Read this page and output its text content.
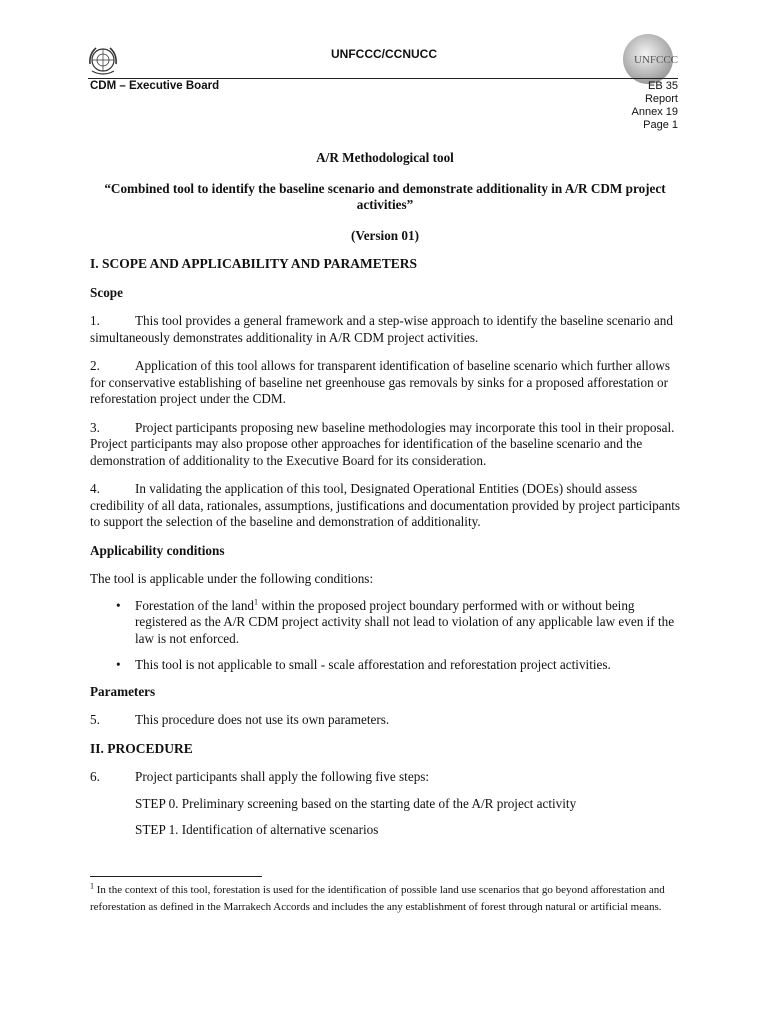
UNFCCC/CCNUCC	UNFCCC
CDM – Executive Board	EB 35
Report
Annex 19
Page 1
A/R Methodological tool
“Combined tool to identify the baseline scenario and demonstrate additionality in A/R CDM project activities”
(Version 01)
I. SCOPE AND APPLICABILITY AND PARAMETERS
Scope

1.	This tool provides a general framework and a step-wise approach to identify the baseline scenario and simultaneously demonstrates additionality in A/R CDM project activities.

2.	Application of this tool allows for transparent identification of baseline scenario which further allows for conservative establishing of baseline net greenhouse gas removals by sinks for a proposed afforestation or reforestation project under the CDM.

3.	Project participants proposing new baseline methodologies may incorporate this tool in their proposal. Project participants may also propose other approaches for identification of the baseline scenario and the demonstration of additionality to the Executive Board for its consideration.

4.	In validating the application of this tool, Designated Operational Entities (DOEs) should assess credibility of all data, rationales, assumptions, justifications and documentation provided by project participants to support the selection of the baseline and demonstration of additionality.

Applicability conditions

The tool is applicable under the following conditions:

• Forestation of the land$^1$ within the proposed project boundary performed with or without being registered as the A/R CDM project activity shall not lead to violation of any applicable law even if the law is not enforced.
• This tool is not applicable to small - scale afforestation and reforestation project activities.
Parameters

5.	This procedure does not use its own parameters.

II. PROCEDURE

6.	Project participants shall apply the following five steps:

STEP 0. Preliminary screening based on the starting date of the A/R project activity
STEP 1. Identification of alternative scenarios
$^1$ In the context of this tool, forestation is used for the identification of possible land use scenarios that go beyond afforestation and reforestation as defined in the Marrakech Accords and includes the any establishment of forest through natural or artificial means.
